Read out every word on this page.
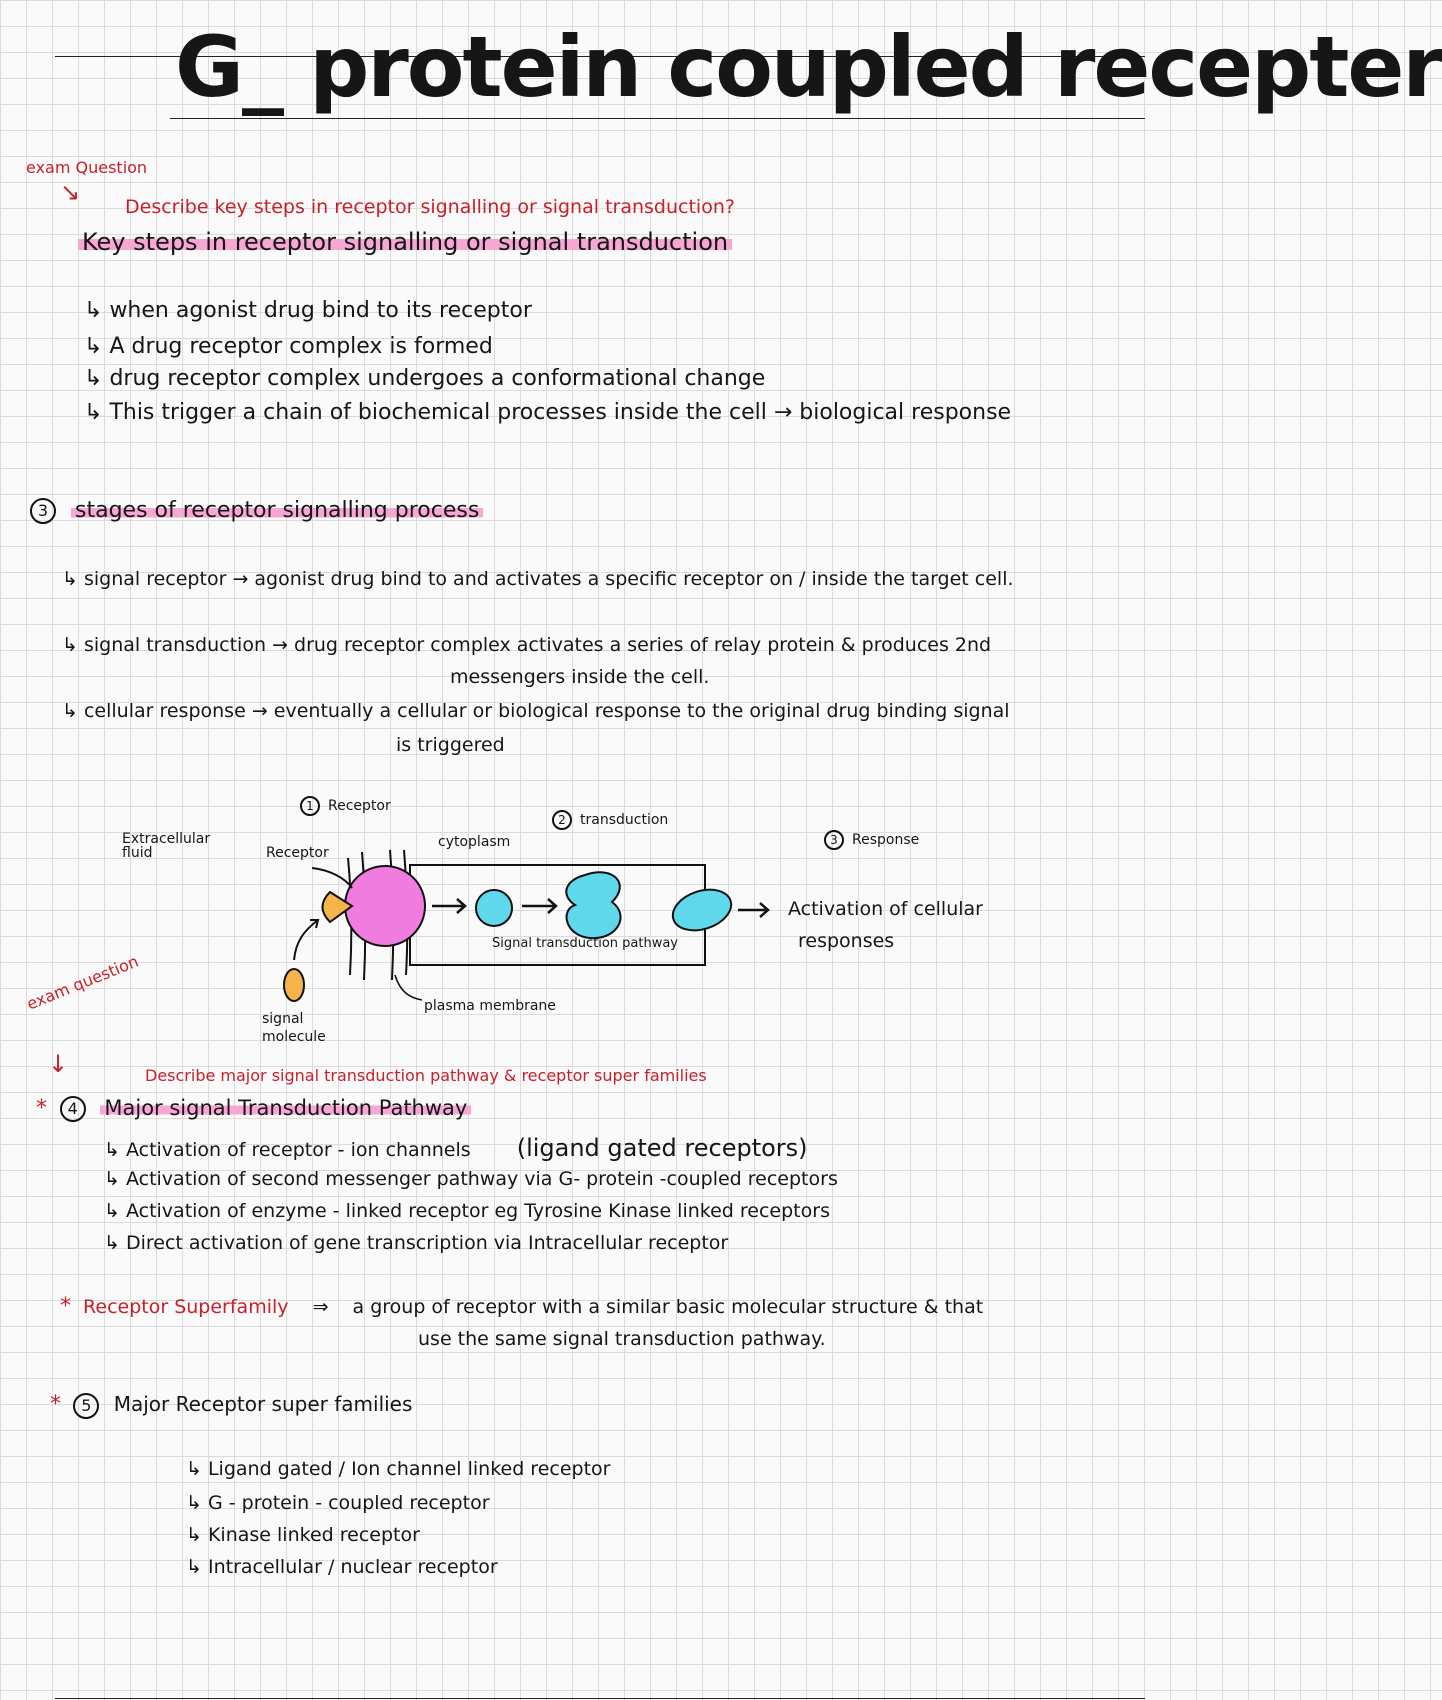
G_ protein coupled recepter
exam Question
↘
Describe key steps in receptor signalling or signal transduction?
Key steps in receptor signalling or signal transduction
↳ when agonist drug bind to its receptor
↳ A drug receptor complex is formed
↳ drug receptor complex undergoes a conformational change
↳ This trigger a chain of biochemical processes inside the cell → biological response
3 stages of receptor signalling process
↳ signal receptor → agonist drug bind to and activates a specific receptor on / inside the target cell.
↳ signal transduction → drug receptor complex activates a series of relay protein & produces 2nd
messengers inside the cell.
↳ cellular response → eventually a cellular or biological response to the original drug binding signal
is triggered
1 Receptor
2 transduction
3 Response
Extracellular fluid	Receptor
cytoplasm
Signal transduction pathway
plasma membrane
signal molecule
Activation of cellular
responses
exam question
↓	Describe major signal transduction pathway & receptor super families
* 4 Major signal Transduction Pathway
↳ Activation of receptor - ion channels (ligand gated receptors)
↳ Activation of second messenger pathway via G- protein -coupled receptors
↳ Activation of enzyme - linked receptor eg Tyrosine Kinase linked receptors
↳ Direct activation of gene transcription via Intracellular receptor
* Receptor Superfamily ⇒ a group of receptor with a similar basic molecular structure & that
use the same signal transduction pathway.
* 5 Major Receptor super families
↳ Ligand gated / Ion channel linked receptor
↳ G - protein - coupled receptor
↳ Kinase linked receptor
↳ Intracellular / nuclear receptor
